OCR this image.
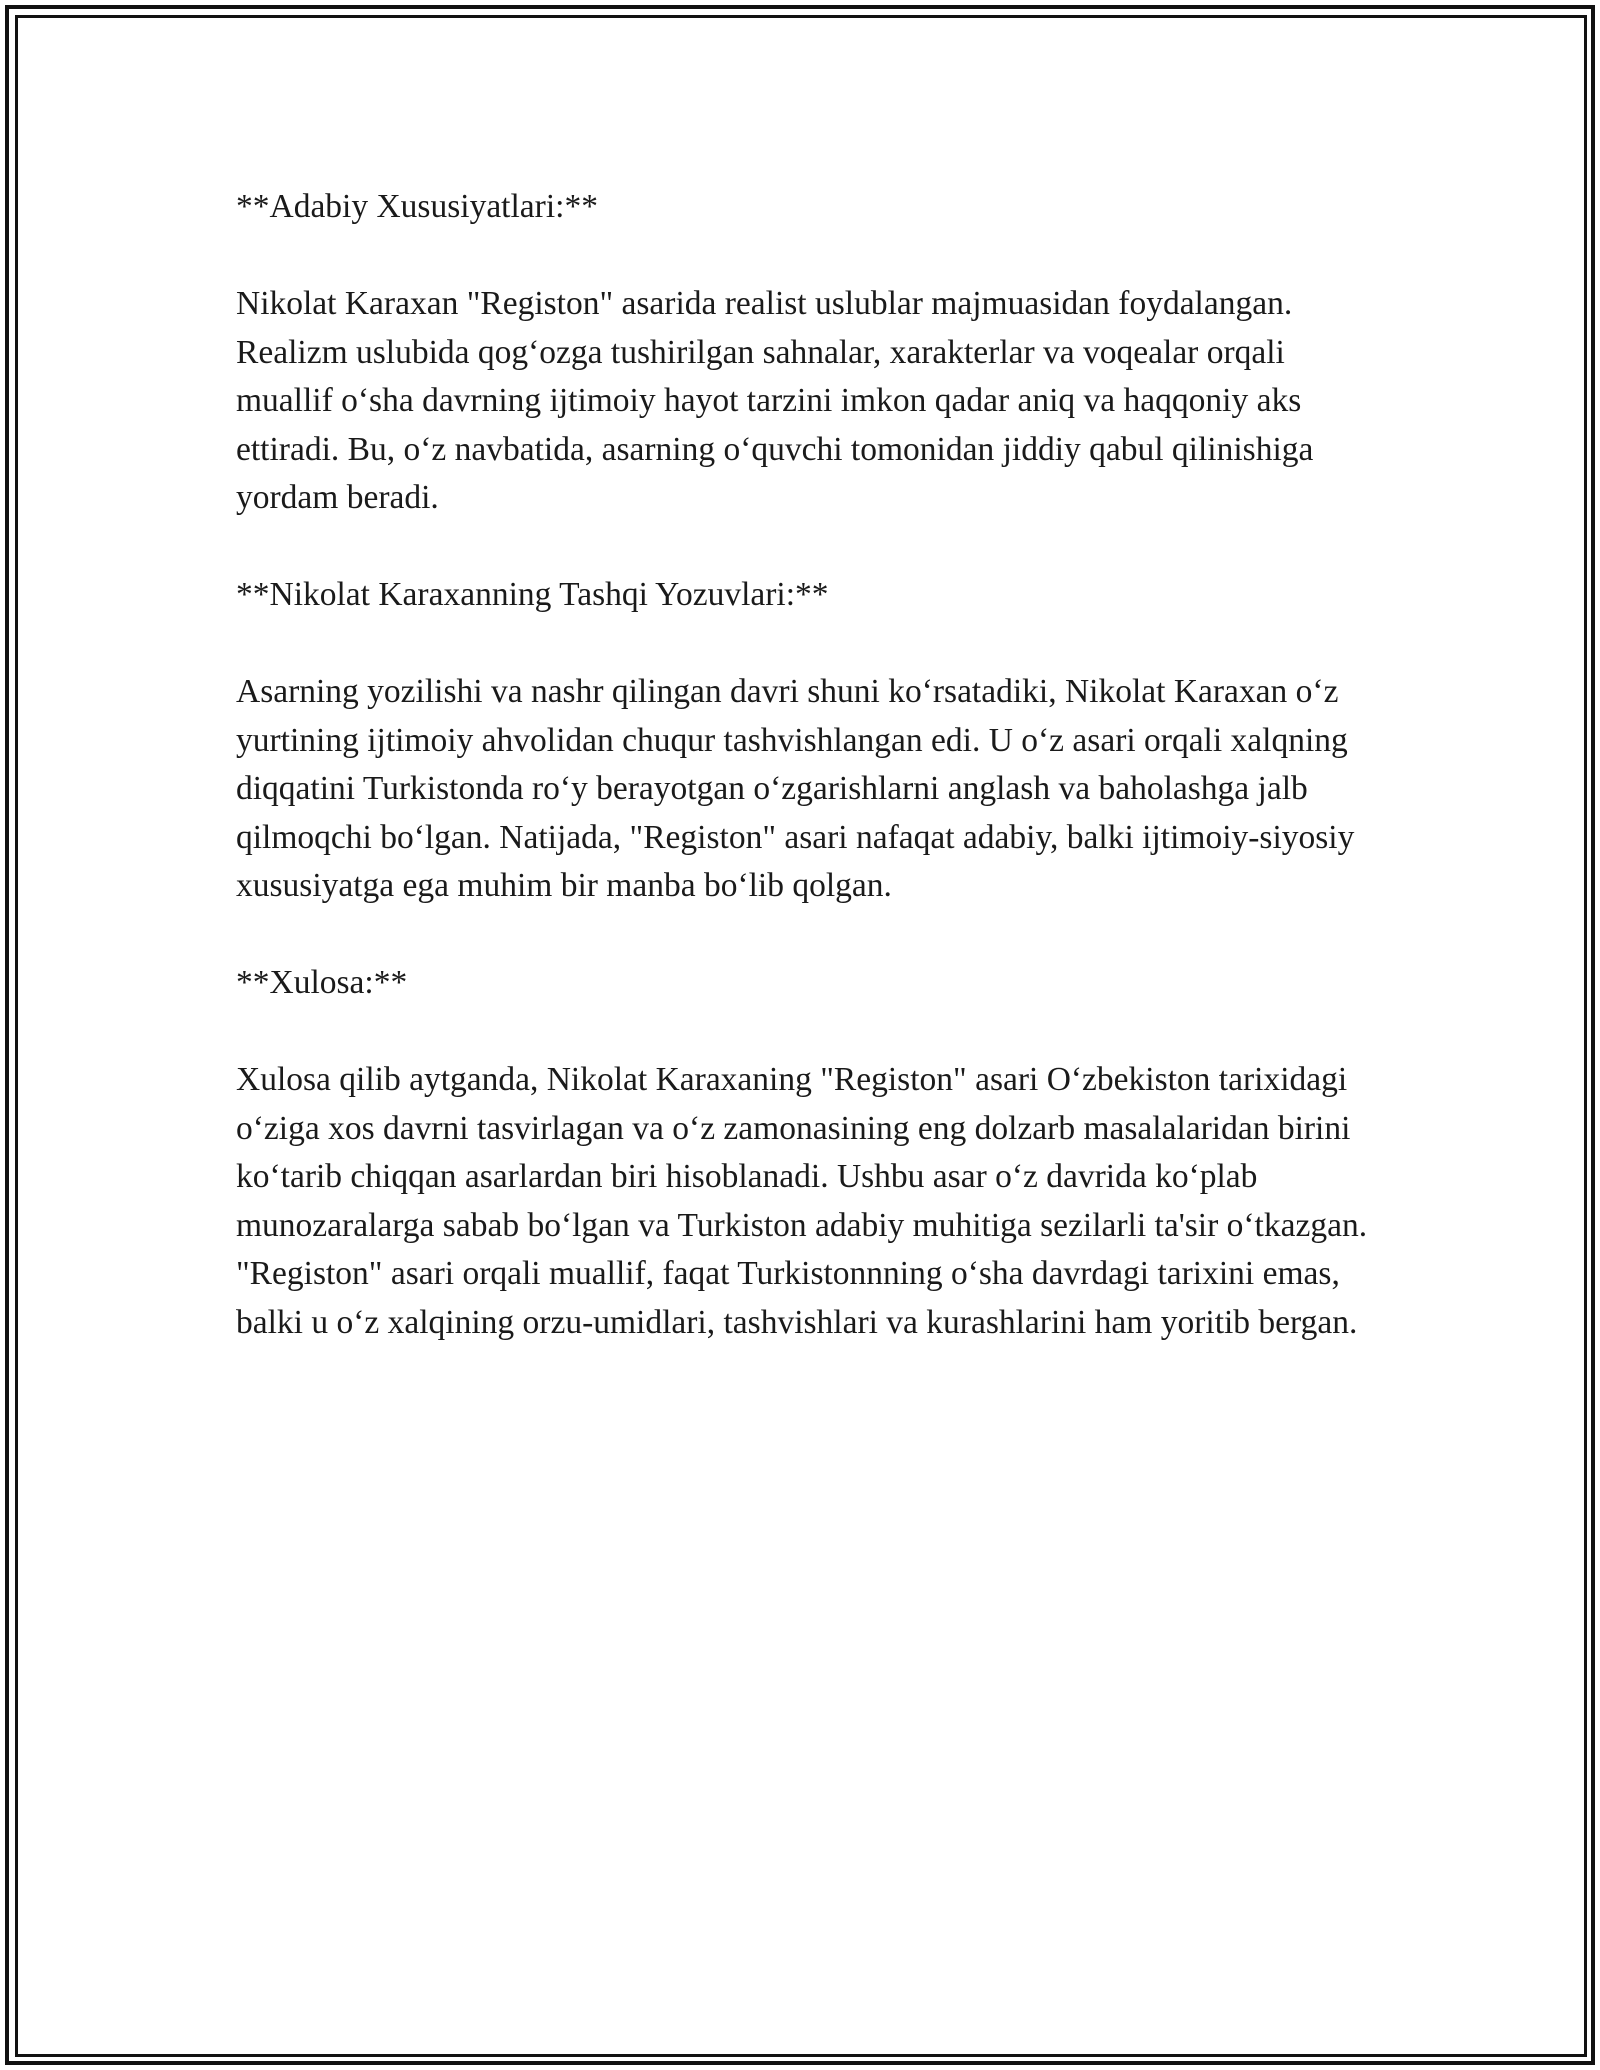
**Adabiy Xususiyatlari:**

Nikolat Karaxan "Registon" asarida realist uslublar majmuasidan foydalangan. Realizm uslubida qog‘ozga tushirilgan sahnalar, xarakterlar va voqealar orqali muallif o‘sha davrning ijtimoiy hayot tarzini imkon qadar aniq va haqqoniy aks ettiradi. Bu, o‘z navbatida, asarning o‘quvchi tomonidan jiddiy qabul qilinishiga yordam beradi.

**Nikolat Karaxanning Tashqi Yozuvlari:**

Asarning yozilishi va nashr qilingan davri shuni ko‘rsatadiki, Nikolat Karaxan o‘z yurtining ijtimoiy ahvolidan chuqur tashvishlangan edi. U o‘z asari orqali xalqning diqqatini Turkistonda ro‘y berayotgan o‘zgarishlarni anglash va baholashga jalb qilmoqchi bo‘lgan. Natijada, "Registon" asari nafaqat adabiy, balki ijtimoiy-siyosiy xususiyatga ega muhim bir manba bo‘lib qolgan.

**Xulosa:**

Xulosa qilib aytganda, Nikolat Karaxaning "Registon" asari O‘zbekiston tarixidagi o‘ziga xos davrni tasvirlagan va o‘z zamonasining eng dolzarb masalalaridan birini ko‘tarib chiqqan asarlardan biri hisoblanadi. Ushbu asar o‘z davrida ko‘plab munozaralarga sabab bo‘lgan va Turkiston adabiy muhitiga sezilarli ta'sir o‘tkazgan. "Registon" asari orqali muallif, faqat Turkistonnning o‘sha davrdagi tarixini emas, balki u o‘z xalqining orzu-umidlari, tashvishlari va kurashlarini ham yoritib bergan.
